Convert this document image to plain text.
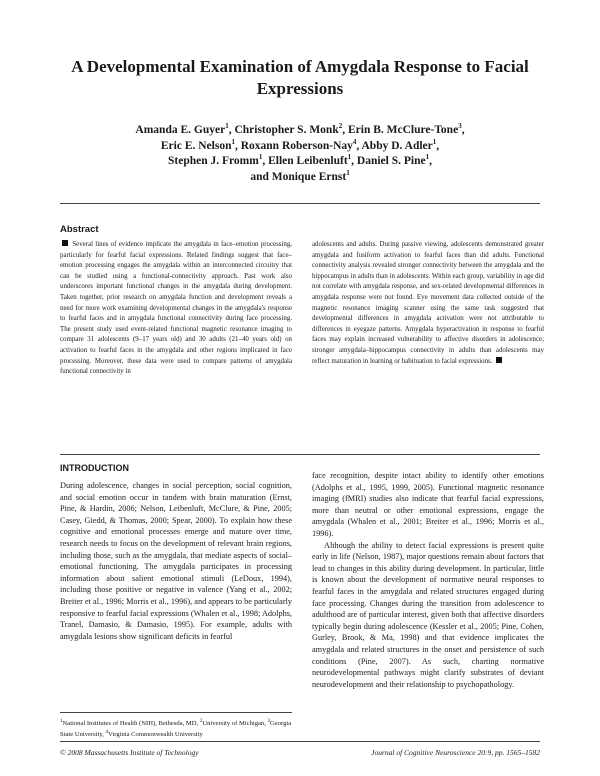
A Developmental Examination of Amygdala Response to Facial Expressions

Amanda E. Guyer$^1$, Christopher S. Monk$^2$, Erin B. McClure-Tone$^3$,
Eric E. Nelson$^1$, Roxann Roberson-Nay$^4$, Abby D. Adler$^1$,
Stephen J. Fromm$^1$, Ellen Leibenluft$^1$, Daniel S. Pine$^1$,
and Monique Ernst$^1$

Abstract

Several lines of evidence implicate the amygdala in face–emotion processing, particularly for fearful facial expressions. Related findings suggest that face–emotion processing engages the amygdala within an interconnected circuitry that can be studied using a functional-connectivity approach. Past work also underscores important functional changes in the amygdala during development. Taken together, prior research on amygdala function and development reveals a need for more work examining developmental changes in the amygdala's response to fearful faces and in amygdala functional connectivity during face processing. The present study used event-related functional magnetic resonance imaging to compare 31 adolescents (9–17 years old) and 30 adults (21–40 years old) on activation to fearful faces in the amygdala and other regions implicated in face processing. Moreover, these data were used to compare patterns of amygdala functional connectivity in

adolescents and adults. During passive viewing, adolescents demonstrated greater amygdala and fusiform activation to fearful faces than did adults. Functional connectivity analysis revealed stronger connectivity between the amygdala and the hippocampus in adults than in adolescents. Within each group, variability in age did not correlate with amygdala response, and sex-related developmental differences in amygdala response were not found. Eye movement data collected outside of the magnetic resonance imaging scanner using the same task suggested that developmental differences in amygdala activation were not attributable to differences in eyegaze patterns. Amygdala hyperactivation in response to fearful faces may explain increased vulnerability to affective disorders in adolescence; stronger amygdala–hippocampus connectivity in adults than adolescents may reflect maturation in learning or habituation to facial expressions.

INTRODUCTION

During adolescence, changes in social perception, social cognition, and social emotion occur in tandem with brain maturation (Ernst, Pine, & Hardin, 2006; Nelson, Leibenluft, McClure, & Pine, 2005; Casey, Giedd, & Thomas, 2000; Spear, 2000). To explain how these cognitive and emotional processes emerge and mature over time, research needs to focus on the development of relevant brain regions, including those, such as the amygdala, that mediate aspects of social–emotional functioning. The amygdala participates in processing information about salient emotional stimuli (LeDoux, 1994), including those positive or negative in valence (Yang et al., 2002; Breiter et al., 1996; Morris et al., 1996), and appears to be particularly responsive to fearful facial expressions (Whalen et al., 1998; Adolphs, Tranel, Damasio, & Damasio, 1995). For example, adults with amygdala lesions show significant deficits in fearful

face recognition, despite intact ability to identify other emotions (Adolphs et al., 1995, 1999, 2005). Functional magnetic resonance imaging (fMRI) studies also indicate that fearful facial expressions, more than neutral or other emotional expressions, engage the amygdala (Whalen et al., 2001; Breiter et al., 1996; Morris et al., 1996).

Although the ability to detect facial expressions is present quite early in life (Nelson, 1987), major questions remain about factors that lead to changes in this ability during development. In particular, little is known about the development of normative neural responses to fearful faces in the amygdala and related structures engaged during face processing. Changes during the transition from adolescence to adulthood are of particular interest, given both that affective disorders typically begin during adolescence (Kessler et al., 2005; Pine, Cohen, Gurley, Brook, & Ma, 1998) and that evidence implicates the amygdala and related structures in the onset and persistence of such conditions (Pine, 2007). As such, charting normative neurodevelopmental pathways might clarify substrates of deviant neurodevelopment and their relationship to psychopathology.

$^1$National Institutes of Health (NIH), Bethesda, MD, $^2$University of Michigan, $^3$Georgia State University, $^4$Virginia Commonwealth University

© 2008 Massachusetts Institute of Technology	Journal of Cognitive Neuroscience 20:9, pp. 1565–1582
